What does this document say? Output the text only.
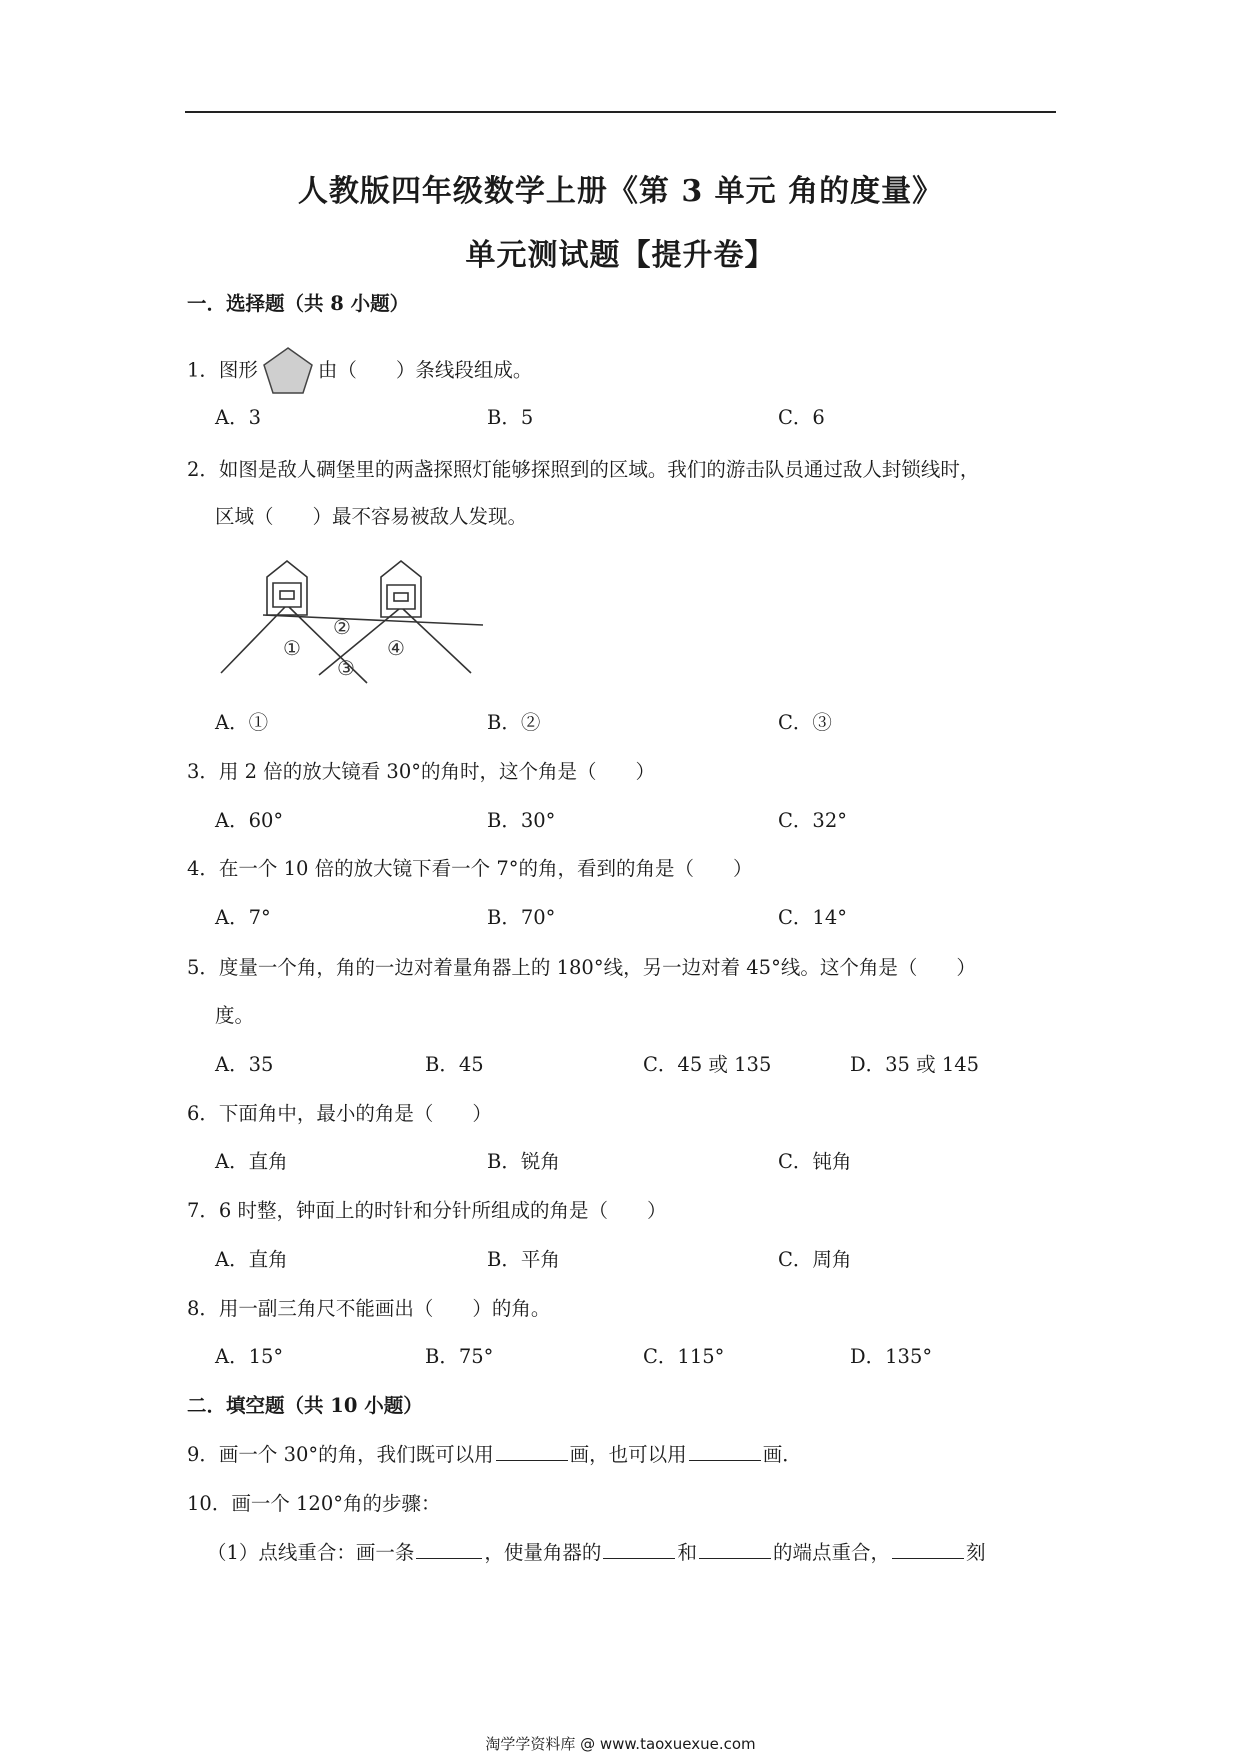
人教版四年级数学上册《第 3 单元 角的度量》
单元测试题【提升卷】
一．选择题（共 8 小题）
1．图形	由（　　）条线段组成。
A．3	B．5	C．6
2．如图是敌人碉堡里的两盏探照灯能够探照到的区域。我们的游击队员通过敌人封锁线时，
区域（　　）最不容易被敌人发现。
①
②
③
④
A．①	B．②	C．③
3．用 2 倍的放大镜看 30°的角时，这个角是（　　）
A．60°	B．30°	C．32°
4．在一个 10 倍的放大镜下看一个 7°的角，看到的角是（　　）
A．7°	B．70°	C．14°
5．度量一个角，角的一边对着量角器上的 180°线，另一边对着 45°线。这个角是（　　）
度。
A．35	B．45	C．45 或 135	D．35 或 145
6．下面角中，最小的角是（　　）
A．直角	B．锐角	C．钝角
7．6 时整，钟面上的时针和分针所组成的角是（　　）
A．直角	B．平角	C．周角
8．用一副三角尺不能画出（　　）的角。
A．15°	B．75°	C．115°	D．135°
二．填空题（共 10 小题）
9．画一个 30°的角，我们既可以用	画，也可以用	画．
10．画一个 120°角的步骤：
（1）点线重合：画一条	，使量角器的	和	的端点重合，	刻
淘学学资料库 @ www.taoxuexue.com
